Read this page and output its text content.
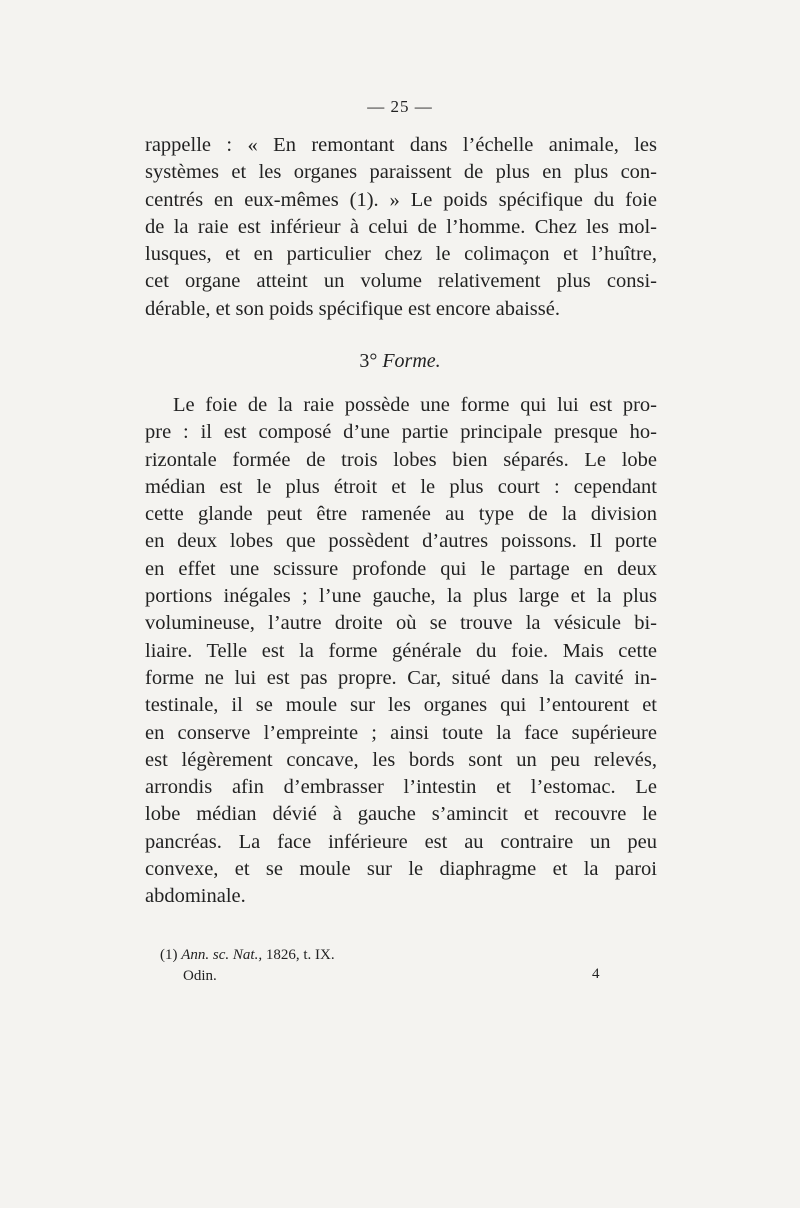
— 25 —
rappelle : « En remontant dans l’échelle animale, les
systèmes et les organes paraissent de plus en plus con-
centrés en eux-mêmes (1). » Le poids spécifique du foie
de la raie est inférieur à celui de l’homme. Chez les mol-
lusques, et en particulier chez le colimaçon et l’huître,
cet organe atteint un volume relativement plus consi-
dérable, et son poids spécifique est encore abaissé.
3° Forme.
Le foie de la raie possède une forme qui lui est pro-
pre : il est composé d’une partie principale presque ho-
rizontale formée de trois lobes bien séparés. Le lobe
médian est le plus étroit et le plus court : cependant
cette glande peut être ramenée au type de la division
en deux lobes que possèdent d’autres poissons. Il porte
en effet une scissure profonde qui le partage en deux
portions inégales ; l’une gauche, la plus large et la plus
volumineuse, l’autre droite où se trouve la vésicule bi-
liaire. Telle est la forme générale du foie. Mais cette
forme ne lui est pas propre. Car, situé dans la cavité in-
testinale, il se moule sur les organes qui l’entourent et
en conserve l’empreinte ; ainsi toute la face supérieure
est légèrement concave, les bords sont un peu relevés,
arrondis afin d’embrasser l’intestin et l’estomac. Le
lobe médian dévié à gauche s’amincit et recouvre le
pancréas. La face inférieure est au contraire un peu
convexe, et se moule sur le diaphragme et la paroi
abdominale.
(1) Ann. sc. Nat., 1826, t. IX.
Odin.	4
